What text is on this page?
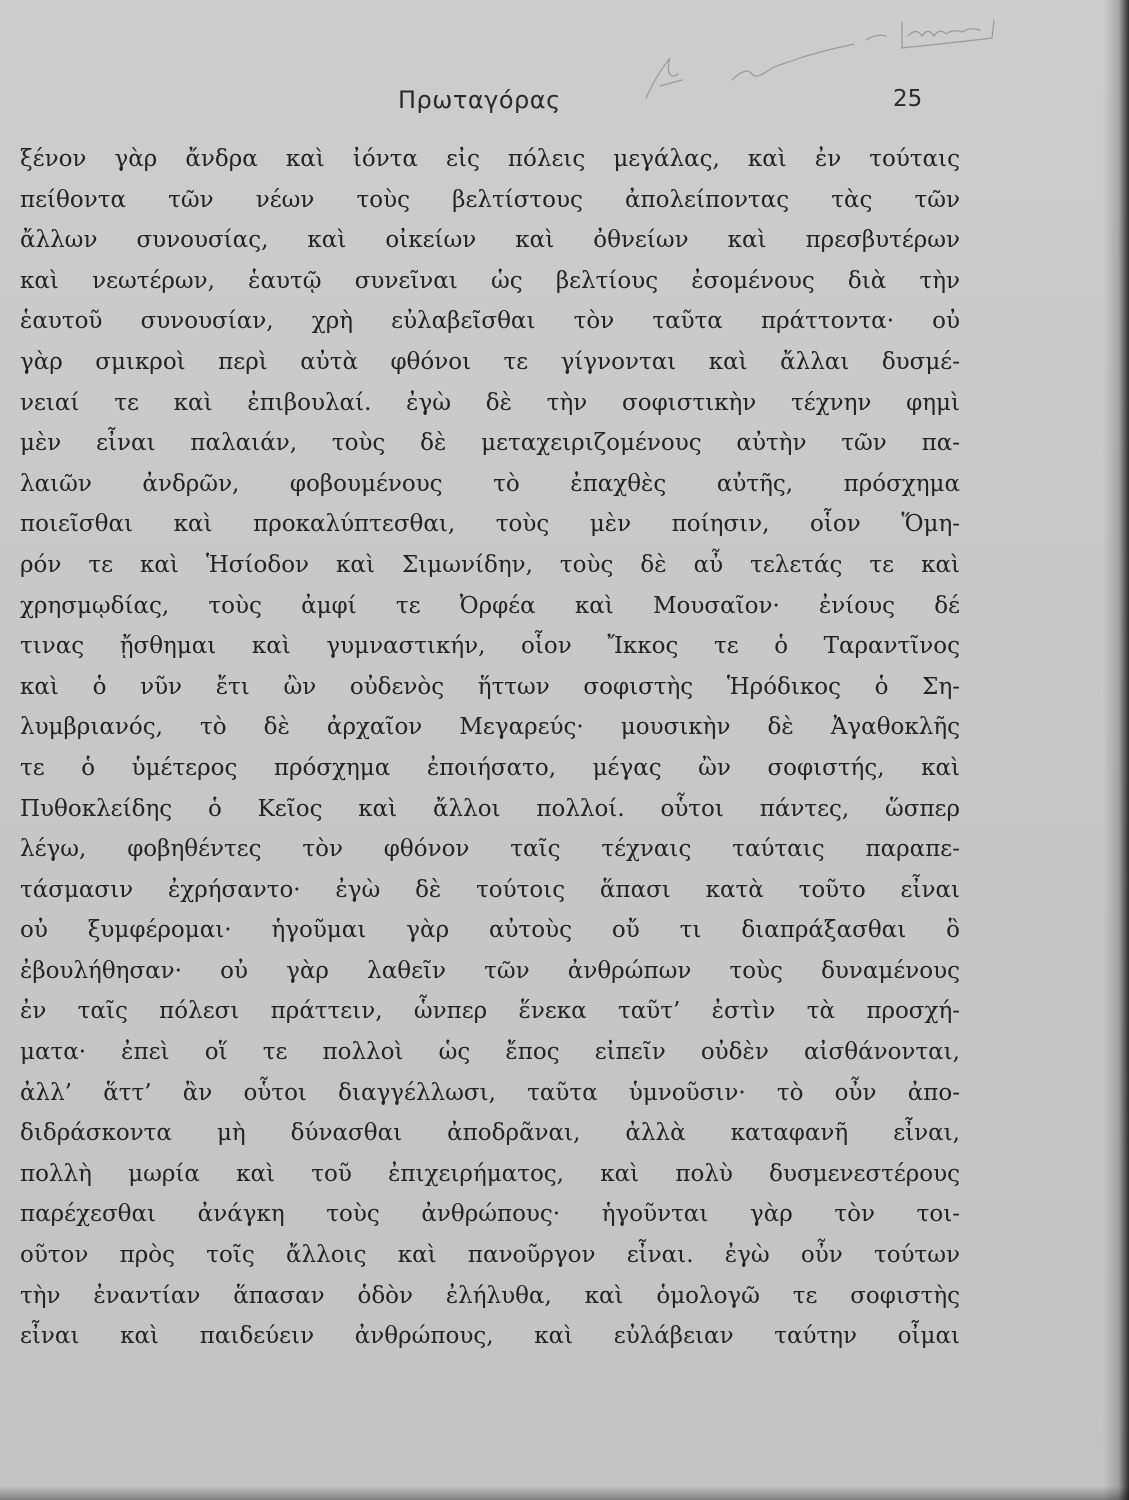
Πρωταγόρας	25
ξένον γὰρ ἄνδρα καὶ ἰόντα εἰς πόλεις μεγάλας, καὶ ἐν τούταις
πείθοντα τῶν νέων τοὺς βελτίστους ἀπολείποντας τὰς τῶν
ἄλλων συνουσίας, καὶ οἰκείων καὶ ὀθνείων καὶ πρεσβυτέρων
καὶ νεωτέρων, ἑαυτῷ συνεῖναι ὡς βελτίους ἐσομένους διὰ τὴν
ἑαυτοῦ συνουσίαν, χρὴ εὐλαβεῖσθαι τὸν ταῦτα πράττοντα· οὐ
γὰρ σμικροὶ περὶ αὐτὰ φθόνοι τε γίγνονται καὶ ἄλλαι δυσμέ-
νειαί τε καὶ ἐπιβουλαί. ἐγὼ δὲ τὴν σοφιστικὴν τέχνην φημὶ
μὲν εἶναι παλαιάν, τοὺς δὲ μεταχειριζομένους αὐτὴν τῶν πα-
λαιῶν ἀνδρῶν, φοβουμένους τὸ ἐπαχθὲς αὐτῆς, πρόσχημα
ποιεῖσθαι καὶ προκαλύπτεσθαι, τοὺς μὲν ποίησιν, οἷον Ὅμη-
ρόν τε καὶ Ἡσίοδον καὶ Σιμωνίδην, τοὺς δὲ αὖ τελετάς τε καὶ
χρησμῳδίας, τοὺς ἀμφί τε Ὀρφέα καὶ Μουσαῖον· ἐνίους δέ
τινας ᾔσθημαι καὶ γυμναστικήν, οἷον Ἴκκος τε ὁ Ταραντῖνος
καὶ ὁ νῦν ἔτι ὢν οὐδενὸς ἥττων σοφιστὴς Ἡρόδικος ὁ Ση-
λυμβριανός, τὸ δὲ ἀρχαῖον Μεγαρεύς· μουσικὴν δὲ Ἀγαθοκλῆς
τε ὁ ὑμέτερος πρόσχημα ἐποιήσατο, μέγας ὢν σοφιστής, καὶ
Πυθοκλείδης ὁ Κεῖος καὶ ἄλλοι πολλοί. οὗτοι πάντες, ὥσπερ
λέγω, φοβηθέντες τὸν φθόνον ταῖς τέχναις ταύταις παραπε-
τάσμασιν ἐχρήσαντο· ἐγὼ δὲ τούτοις ἅπασι κατὰ τοῦτο εἶναι
οὐ ξυμφέρομαι· ἡγοῦμαι γὰρ αὐτοὺς οὔ τι διαπράξασθαι ὃ
ἐβουλήθησαν· οὐ γὰρ λαθεῖν τῶν ἀνθρώπων τοὺς δυναμένους
ἐν ταῖς πόλεσι πράττειν, ὧνπερ ἕνεκα ταῦτ’ ἐστὶν τὰ προσχή-
ματα· ἐπεὶ οἵ τε πολλοὶ ὡς ἔπος εἰπεῖν οὐδὲν αἰσθάνονται,
ἀλλ’ ἅττ’ ἂν οὗτοι διαγγέλλωσι, ταῦτα ὑμνοῦσιν· τὸ οὖν ἀπο-
διδράσκοντα μὴ δύνασθαι ἀποδρᾶναι, ἀλλὰ καταφανῆ εἶναι,
πολλὴ μωρία καὶ τοῦ ἐπιχειρήματος, καὶ πολὺ δυσμενεστέρους
παρέχεσθαι ἀνάγκη τοὺς ἀνθρώπους· ἡγοῦνται γὰρ τὸν τοι-
οῦτον πρὸς τοῖς ἄλλοις καὶ πανοῦργον εἶναι. ἐγὼ οὖν τούτων
τὴν ἐναντίαν ἅπασαν ὁδὸν ἐλήλυθα, καὶ ὁμολογῶ τε σοφιστὴς
εἶναι καὶ παιδεύειν ἀνθρώπους, καὶ εὐλάβειαν ταύτην οἶμαι
